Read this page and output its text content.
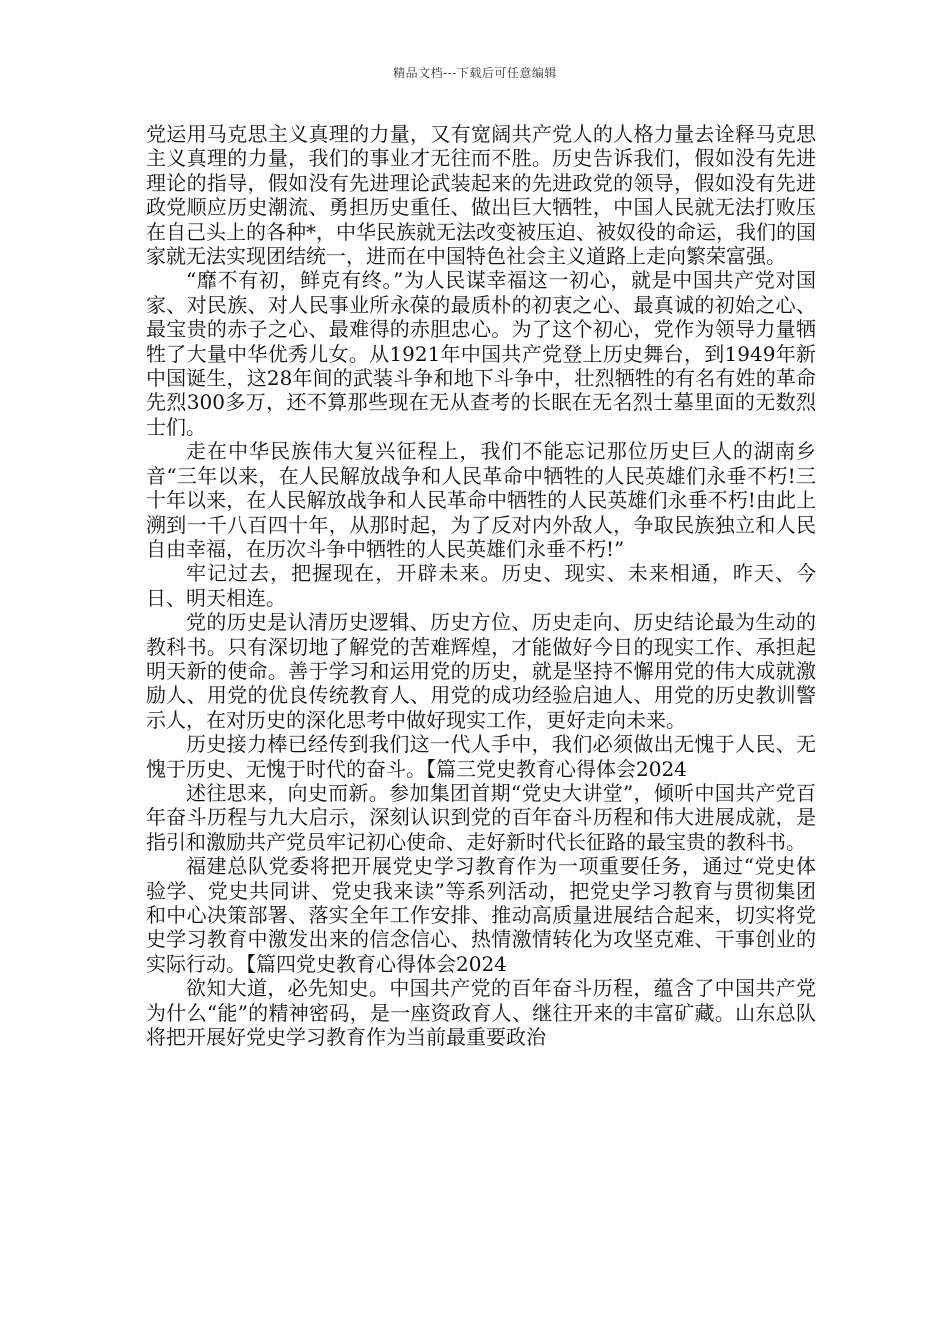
精品文档---下载后可任意编辑

党运用马克思主义真理的力量，又有宽阔共产党人的人格力量去诠释马克思主义真理的力量，我们的事业才无往而不胜。历史告诉我们，假如没有先进理论的指导，假如没有先进理论武装起来的先进政党的领导，假如没有先进政党顺应历史潮流、勇担历史重任、做出巨大牺牲，中国人民就无法打败压在自己头上的各种*，中华民族就无法改变被压迫、被奴役的命运，我们的国家就无法实现团结统一，进而在中国特色社会主义道路上走向繁荣富强。

“靡不有初，鲜克有终。”为人民谋幸福这一初心，就是中国共产党对国家、对民族、对人民事业所永葆的最质朴的初衷之心、最真诚的初始之心、最宝贵的赤子之心、最难得的赤胆忠心。为了这个初心，党作为领导力量牺牲了大量中华优秀儿女。从1921年中国共产党登上历史舞台，到1949年新中国诞生，这28年间的武装斗争和地下斗争中，壮烈牺牲的有名有姓的革命先烈300多万，还不算那些现在无从查考的长眠在无名烈士墓里面的无数烈士们。

走在中华民族伟大复兴征程上，我们不能忘记那位历史巨人的湖南乡音“三年以来，在人民解放战争和人民革命中牺牲的人民英雄们永垂不朽!三十年以来，在人民解放战争和人民革命中牺牲的人民英雄们永垂不朽!由此上溯到一千八百四十年，从那时起，为了反对内外敌人，争取民族独立和人民自由幸福，在历次斗争中牺牲的人民英雄们永垂不朽!”

牢记过去，把握现在，开辟未来。历史、现实、未来相通，昨天、今日、明天相连。

党的历史是认清历史逻辑、历史方位、历史走向、历史结论最为生动的教科书。只有深切地了解党的苦难辉煌，才能做好今日的现实工作、承担起明天新的使命。善于学习和运用党的历史，就是坚持不懈用党的伟大成就激励人、用党的优良传统教育人、用党的成功经验启迪人、用党的历史教训警示人，在对历史的深化思考中做好现实工作，更好走向未来。

历史接力棒已经传到我们这一代人手中，我们必须做出无愧于人民、无愧于历史、无愧于时代的奋斗。【篇三党史教育心得体会2024

述往思来，向史而新。参加集团首期“党史大讲堂”，倾听中国共产党百年奋斗历程与九大启示，深刻认识到党的百年奋斗历程和伟大进展成就，是指引和激励共产党员牢记初心使命、走好新时代长征路的最宝贵的教科书。

福建总队党委将把开展党史学习教育作为一项重要任务，通过“党史体验学、党史共同讲、党史我来读”等系列活动，把党史学习教育与贯彻集团和中心决策部署、落实全年工作安排、推动高质量进展结合起来，切实将党史学习教育中激发出来的信念信心、热情激情转化为攻坚克难、干事创业的实际行动。【篇四党史教育心得体会2024

欲知大道，必先知史。中国共产党的百年奋斗历程，蕴含了中国共产党为什么“能”的精神密码，是一座资政育人、继往开来的丰富矿藏。山东总队将把开展好党史学习教育作为当前最重要政治
